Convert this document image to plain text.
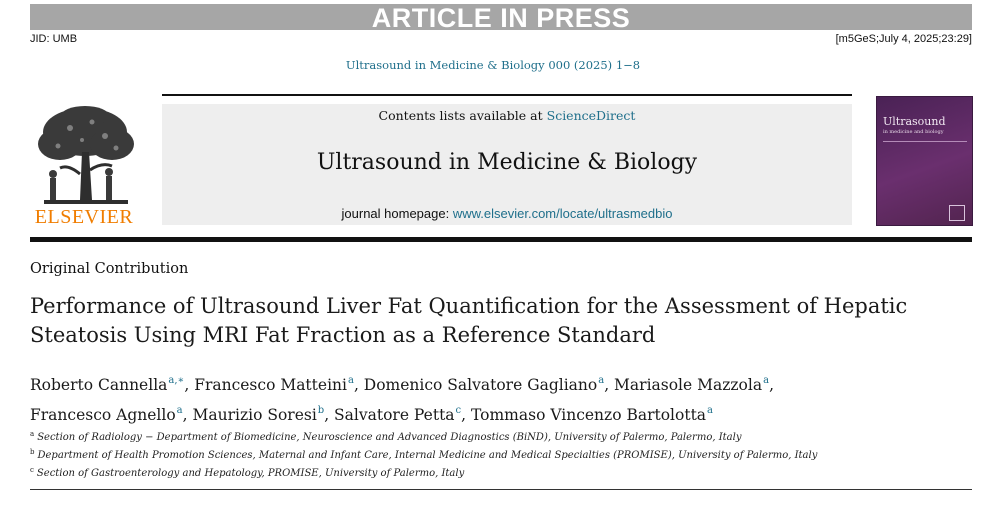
ARTICLE IN PRESS
JID: UMB	[m5GeS;July 4, 2025;23:29]
Ultrasound in Medicine & Biology 000 (2025) 1−8
ELSEVIER
Contents lists available at ScienceDirect
Ultrasound in Medicine & Biology
journal homepage: www.elsevier.com/locate/ultrasmedbio
Ultrasound
in medicine and biology
Original Contribution
Performance of Ultrasound Liver Fat Quantification for the Assessment of Hepatic Steatosis Using MRI Fat Fraction as a Reference Standard
Roberto Cannella$^{a,∗}$, Francesco Matteini$^a$, Domenico Salvatore Gagliano$^a$, Mariasole Mazzola$^a$,
Francesco Agnello$^a$, Maurizio Soresi$^b$, Salvatore Petta$^c$, Tommaso Vincenzo Bartolotta$^a$
$^a$ Section of Radiology − Department of Biomedicine, Neuroscience and Advanced Diagnostics (BiND), University of Palermo, Palermo, Italy
$^b$ Department of Health Promotion Sciences, Maternal and Infant Care, Internal Medicine and Medical Specialties (PROMISE), University of Palermo, Italy
$^c$ Section of Gastroenterology and Hepatology, PROMISE, University of Palermo, Italy
